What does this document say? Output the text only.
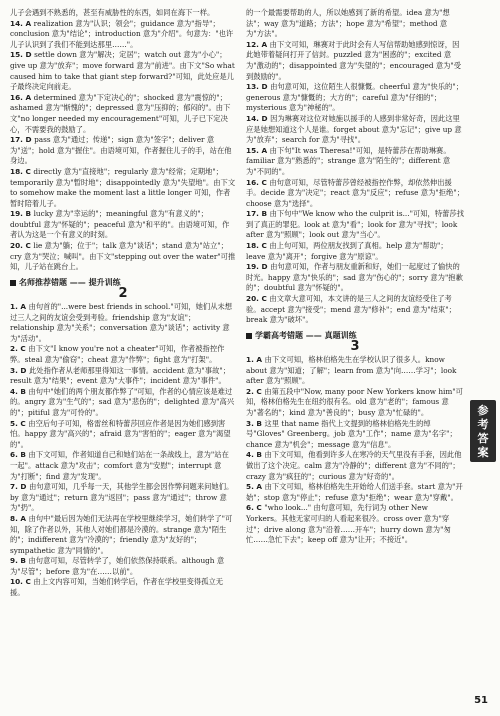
儿子会遇到不熟悉的，甚至有威胁性的东西，如同在海下一样。

14. A realization 意为"认识；领会"；guidance 意为"指导"；conclusion 意为"结论"；introduction 意为"介绍"。句意为："也许儿子认识到了我们不能到达那里……"。

15. D settle down 意为"解决；定居"；watch out 意为"小心"；give up 意为"放弃"；move forward 意为"前进"。由下文"So what caused him to take that giant step forward?"可知，此处应是儿子最终决定向前走。

16. A determined 意为"下定决心的"；shocked 意为"震惊的"；ashamed 意为"惭愧的"；depressed 意为"压抑的；郁闷的"。由下文"no longer needed my encouragement"可知，儿子已下定决心，不需要我的鼓励了。

17. D pass 意为"通过；传递"；sign 意为"签字"；deliver 意为"送"；hold 意为"握住"。由语境可知，作者握住儿子的手，站在他身边。

18. C directly 意为"直接地"；regularly 意为"经常；定期地"；temporarily 意为"暂时地"；disappointedly 意为"失望地"。由下文 to somehow make the moment last a little longer 可知，作者暂时陪着儿子。

19. B lucky 意为"幸运的"；meaningful 意为"有意义的"；doubtful 意为"怀疑的"；peaceful 意为"和平的"。由语境可知，作者认为这是一个有意义的时刻。

20. C lie 意为"躺；位于"；talk 意为"谈话"；stand 意为"站立"；cry 意为"哭泣；喊叫"。由下文"stepping out over the water"可推知，儿子站在跳台上。

名师推荐错题 —— 提升训练
2

1. A 由句首的"...were best friends in school."可知，她们从未想过三人之间的友谊会受到考验。friendship 意为"友谊"；relationship 意为"关系"；conversation 意为"谈话"；activity 意为"活动"。

2. C 由下文"I know you're not a cheater"可知，作者被指控作弊。steal 意为"偷窃"；cheat 意为"作弊"；fight 意为"打架"。

3. D 此处指作者从老师那里得知这一事情。accident 意为"事故"；result 意为"结果"；event 意为"大事件"；incident 意为"事件"。

4. B 由句中"她们的两个朋友都作弊了"可知，作者的心情应该是难过的。angry 意为"生气的"；sad 意为"悲伤的"；delighted 意为"高兴的"；pitiful 意为"可怜的"。

5. C 由空后句子可知，格雷丝和特蕾莎回应作者是因为她们感到害怕。happy 意为"高兴的"；afraid 意为"害怕的"；eager 意为"渴望的"。

6. B 由下文可知，作者知道自己和她们站在一条战线上，意为"站在一起"。attack 意为"攻击"；comfort 意为"安慰"；interrupt 意为"打断"；find 意为"发现"。

7. D 由句意可知，几乎每一天，其他学生都会因作弊问题来问她们。by 意为"通过"；return 意为"返回"；pass 意为"通过"；throw 意为"扔"。

8. A 由句中"最后因为她们无法再在学校里继续学习，她们转学了"可知，除了作者以外，其他人对她们都是冷漠的。strange 意为"陌生的"；indifferent 意为"冷漠的"；friendly 意为"友好的"；sympathetic 意为"同情的"。

9. B 由句意可知，尽管转学了，她们依然保持联系。although 意为"尽管"；before 意为"在……以前"。

10. C 由上文内容可知，当她们转学后，作者在学校里变得孤立无援。

的一个最需要帮助的人，所以她感到了新的希望。idea 意为"想法"；way 意为"道路；方法"；hope 意为"希望"；method 意为"方法"。

12. A 由下文可知，琳赛对于此时会有人写信帮助她感到惊讶，因此她带着疑问打开了信封。puzzled 意为"困惑的"；excited 意为"激动的"；disappointed 意为"失望的"；encouraged 意为"受到鼓励的"。

13. D 由句意可知，这位陌生人很慷慨。cheerful 意为"快乐的"；generous 意为"慷慨的；大方的"；careful 意为"仔细的"；mysterious 意为"神秘的"。

14. D 因为琳赛对这位对她施以援手的人感到非常好奇，因此这里应是她想知道这个人是谁。forget about 意为"忘记"；give up 意为"放弃"；search for 意为"寻找"。

15. A 由下句"It was Theresa!"可知，是特蕾莎在帮助琳赛。familiar 意为"熟悉的"；strange 意为"陌生的"；different 意为"不同的"。

16. C 由句意可知，尽管特蕾莎曾经被指控作弊，却依然伸出援手。decide 意为"决定"；react 意为"反应"；refuse 意为"拒绝"；choose 意为"选择"。

17. B 由下句中"We know who the culprit is..."可知，特蕾莎找到了真正的罪犯。look at 意为"看"；look for 意为"寻找"；look after 意为"照顾"；look out 意为"当心"。

18. C 由上句可知，两位朋友找到了真相。help 意为"帮助"；leave 意为"离开"；forgive 意为"原谅"。

19. D 由句意可知，作者与朋友重新和好，她们一起度过了愉快的时光。happy 意为"快乐的"；sad 意为"伤心的"；sorry 意为"抱歉的"；doubtful 意为"怀疑的"。

20. C 由文章大意可知，本文讲的是三人之间的友谊经受住了考验。accept 意为"接受"；mend 意为"修补"；end 意为"结束"；break 意为"破坏"。

学霸高考错题 —— 真题训练
3

1. A 由下文可知，格林伯格先生在学校认识了很多人。know about 意为"知道；了解"；learn from 意为"向……学习"；look after 意为"照顾"。

2. C 由第五段中"Now, many poor New Yorkers know him"可知，格林伯格先生在纽约很有名。old 意为"老的"；famous 意为"著名的"；kind 意为"善良的"；busy 意为"忙碌的"。

3. B 这里 that name 指代上文提到的格林伯格先生的绰号"Gloves" Greenberg。job 意为"工作"；name 意为"名字"；chance 意为"机会"；message 意为"信息"。

4. B 由下文可知，他看到许多人在寒冷的天气里没有手套，因此他做出了这个决定。calm 意为"冷静的"；different 意为"不同的"；crazy 意为"疯狂的"；curious 意为"好奇的"。

5. A 由下文可知，格林伯格先生开始给人们送手套。start 意为"开始"；stop 意为"停止"；refuse 意为"拒绝"；wear 意为"穿戴"。

6. C "who look..." 由句意可知，先行词为 other New Yorkers。其他无家可归的人看起来很冷。cross over 意为"穿过"；drive along 意为"沿着……开车"；hurry down 意为"匆忙……急忙下去"；keep off 意为"让开；不接近"。

参
考
答
案
51
